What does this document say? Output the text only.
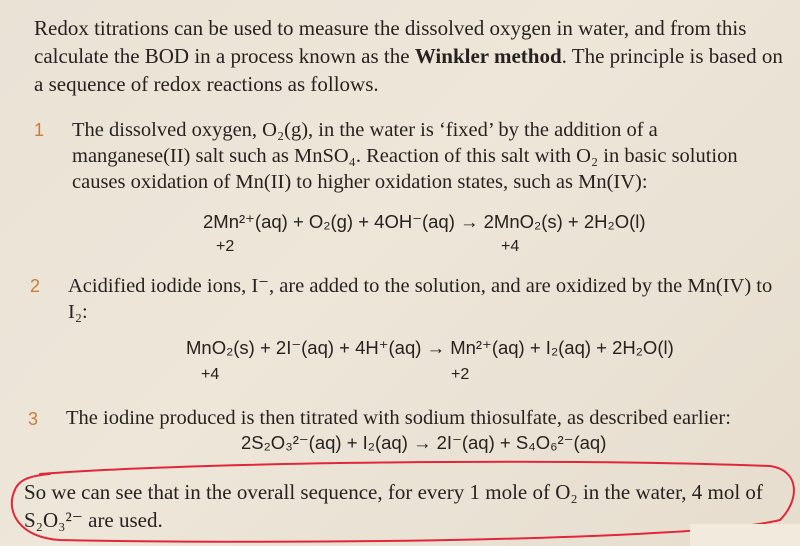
Redox titrations can be used to measure the dissolved oxygen in water, and from this calculate the BOD in a process known as the Winkler method. The principle is based on a sequence of redox reactions as follows.
1 The dissolved oxygen, O₂(g), in the water is ‘fixed’ by the addition of a manganese(II) salt such as MnSO₄. Reaction of this salt with O₂ in basic solution causes oxidation of Mn(II) to higher oxidation states, such as Mn(IV):
2Mn²⁺(aq) + O₂(g) + 4OH⁻(aq) → 2MnO₂(s) + 2H₂O(l)
+2	+4
2 Acidified iodide ions, I⁻, are added to the solution, and are oxidized by the Mn(IV) to I₂:
MnO₂(s) + 2I⁻(aq) + 4H⁺(aq) → Mn²⁺(aq) + I₂(aq) + 2H₂O(l)
+4	+2
3 The iodine produced is then titrated with sodium thiosulfate, as described earlier:
2S₂O₃²⁻(aq) + I₂(aq) → 2I⁻(aq) + S₄O₆²⁻(aq)
So we can see that in the overall sequence, for every 1 mole of O₂ in the water, 4 mol of S₂O₃²⁻ are used.
